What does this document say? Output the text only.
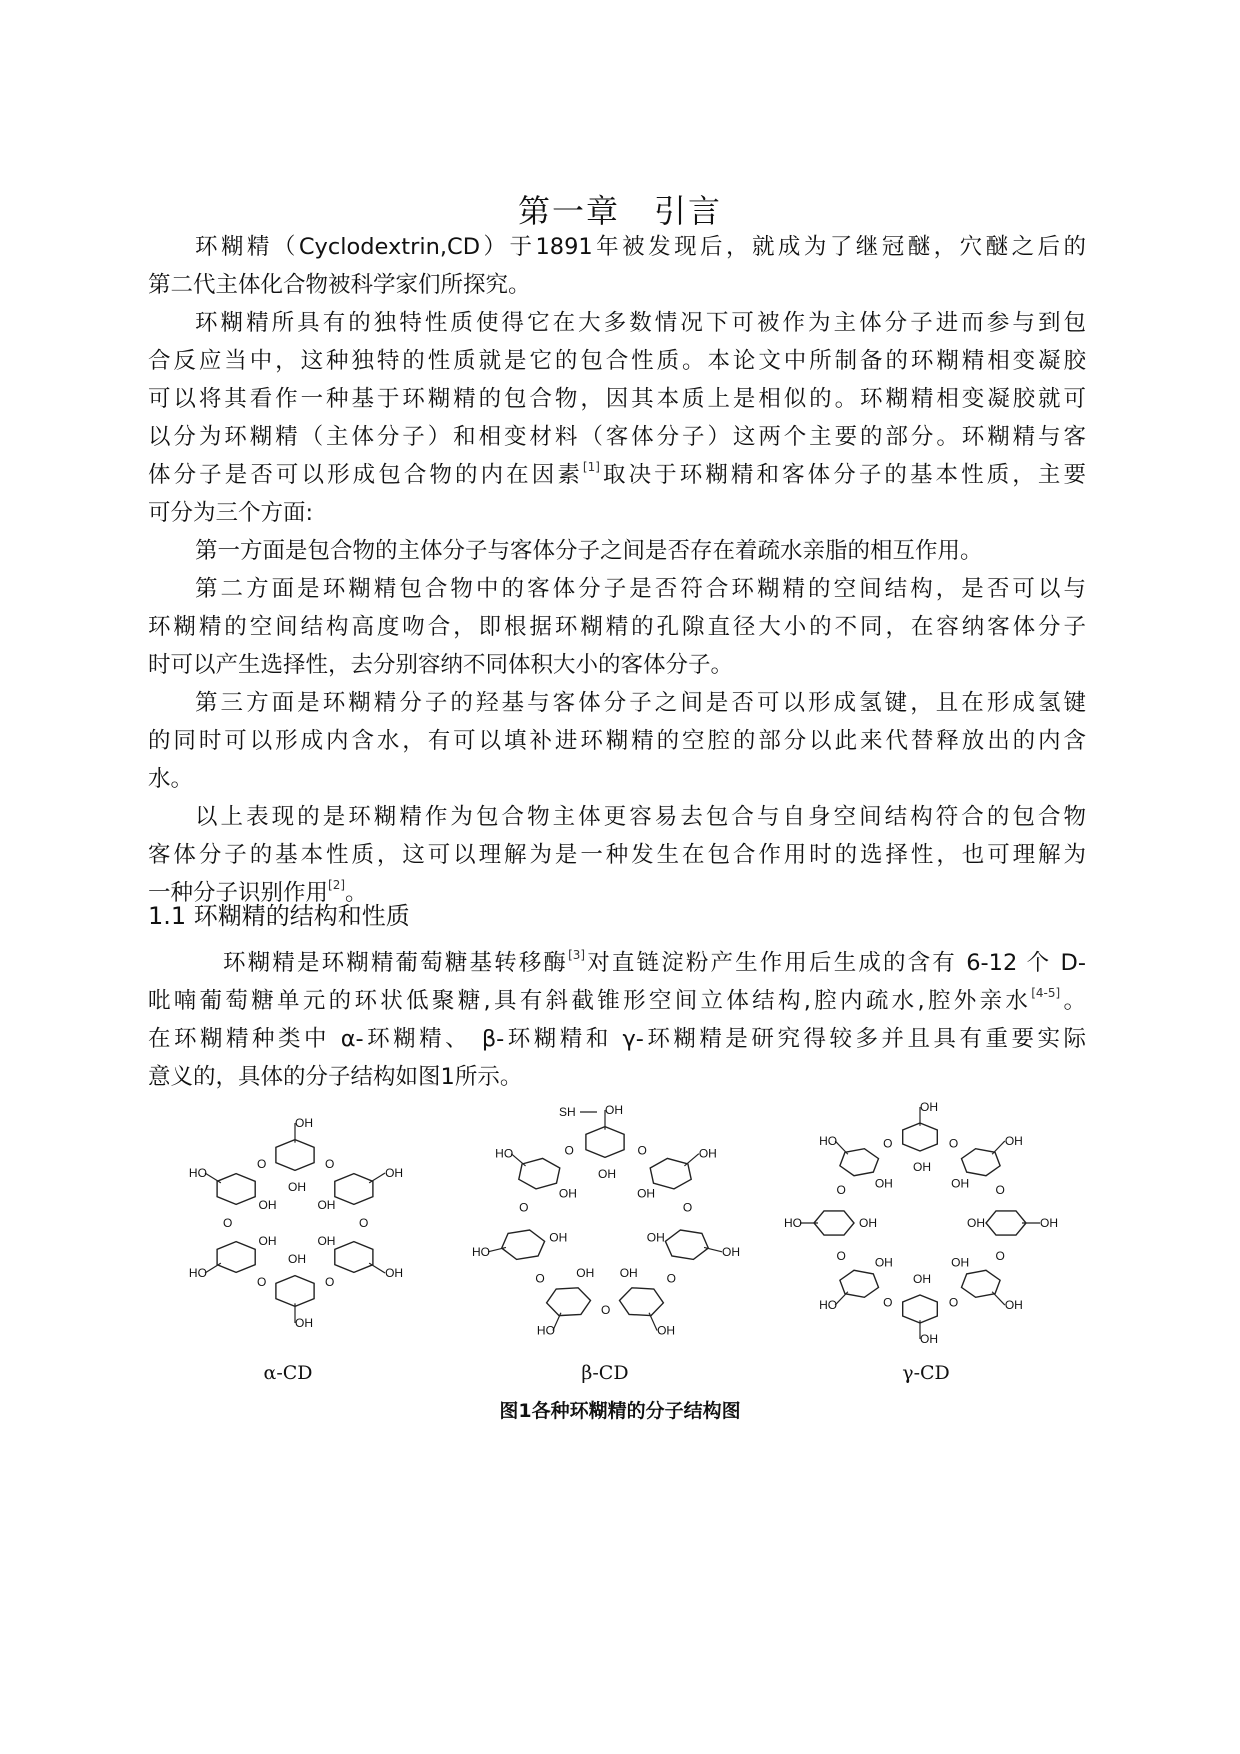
第一章 引言
环糊精（Cyclodextrin,CD）于1891年被发现后，就成为了继冠醚，穴醚之后的
第二代主体化合物被科学家们所探究。
环糊精所具有的独特性质使得它在大多数情况下可被作为主体分子进而参与到包
合反应当中，这种独特的性质就是它的包合性质。本论文中所制备的环糊精相变凝胶
可以将其看作一种基于环糊精的包合物，因其本质上是相似的。环糊精相变凝胶就可
以分为环糊精（主体分子）和相变材料（客体分子）这两个主要的部分。环糊精与客
体分子是否可以形成包合物的内在因素[1]取决于环糊精和客体分子的基本性质，主要
可分为三个方面:
第一方面是包合物的主体分子与客体分子之间是否存在着疏水亲脂的相互作用。
第二方面是环糊精包合物中的客体分子是否符合环糊精的空间结构，是否可以与
环糊精的空间结构高度吻合，即根据环糊精的孔隙直径大小的不同，在容纳客体分子
时可以产生选择性，去分别容纳不同体积大小的客体分子。
第三方面是环糊精分子的羟基与客体分子之间是否可以形成氢键，且在形成氢键
的同时可以形成内含水，有可以填补进环糊精的空腔的部分以此来代替释放出的内含
水。
以上表现的是环糊精作为包合物主体更容易去包合与自身空间结构符合的包合物
客体分子的基本性质，这可以理解为是一种发生在包合作用时的选择性，也可理解为
一种分子识别作用[2]。
1.1 环糊精的结构和性质
环糊精是环糊精葡萄糖基转移酶[3]对直链淀粉产生作用后生成的含有 6-12 个 D-
吡喃葡萄糖单元的环状低聚糖,具有斜截锥形空间立体结构,腔内疏水,腔外亲水[4-5]。
在环糊精种类中 α-环糊精、 β-环糊精和 γ-环糊精是研究得较多并且具有重要实际
意义的，具体的分子结构如图1所示。
O
OH
OH
O
OH
OH
O
OH
OH
O
OH
OH
O
HO
OH
O
HO
OH
O
OH
OH
O
OH
OH
O
OH
OH
O
OH
OH
O
HO
OH
O
HO
OH
O
HO
OH
SH
O
OH
OH
O
OH
OH
O
OH
OH
O	OH
OH
O
OH
OH
O
HO
OH
O
HO	OH
O
HO
OH
α-CD	β-CD	γ-CD
图1各种环糊精的分子结构图
